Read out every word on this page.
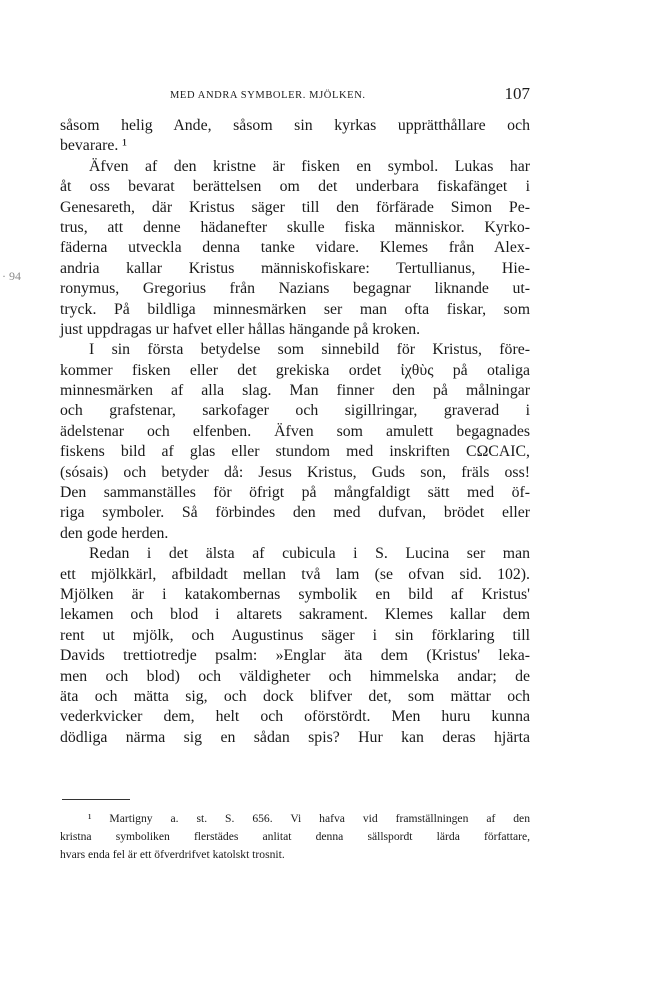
MED ANDRA SYMBOLER. MJÖLKEN.	107
· 94
såsom helig Ande, såsom sin kyrkas upprätthållare och
bevarare. ¹
Äfven af den kristne är fisken en symbol. Lukas har
åt oss bevarat berättelsen om det underbara fiskafänget i
Genesareth, där Kristus säger till den förfärade Simon Pe-
trus, att denne hädanefter skulle fiska människor. Kyrko-
fäderna utveckla denna tanke vidare. Klemes från Alex-
andria kallar Kristus människofiskare: Tertullianus, Hie-
ronymus, Gregorius från Nazians begagnar liknande ut-
tryck. På bildliga minnesmärken ser man ofta fiskar, som
just uppdragas ur hafvet eller hållas hängande på kroken.
I sin första betydelse som sinnebild för Kristus, före-
kommer fisken eller det grekiska ordet ἰχθὺς på otaliga
minnesmärken af alla slag. Man finner den på målningar
och grafstenar, sarkofager och sigillringar, graverad i
ädelstenar och elfenben. Äfven som amulett begagnades
fiskens bild af glas eller stundom med inskriften CΩCAIC,
(sósais) och betyder då: Jesus Kristus, Guds son, fräls oss!
Den sammanställes för öfrigt på mångfaldigt sätt med öf-
riga symboler. Så förbindes den med dufvan, brödet eller
den gode herden.
Redan i det älsta af cubicula i S. Lucina ser man
ett mjölkkärl, afbildadt mellan två lam (se ofvan sid. 102).
Mjölken är i katakombernas symbolik en bild af Kristus'
lekamen och blod i altarets sakrament. Klemes kallar dem
rent ut mjölk, och Augustinus säger i sin förklaring till
Davids trettiotredje psalm: »Englar äta dem (Kristus' leka-
men och blod) och väldigheter och himmelska andar; de
äta och mätta sig, och dock blifver det, som mättar och
vederkvicker dem, helt och oförstördt. Men huru kunna
dödliga närma sig en sådan spis? Hur kan deras hjärta
¹ Martigny a. st. S. 656. Vi hafva vid framställningen af den
kristna symboliken flerstädes anlitat denna sällspordt lärda författare,
hvars enda fel är ett öfverdrifvet katolskt trosnit.
